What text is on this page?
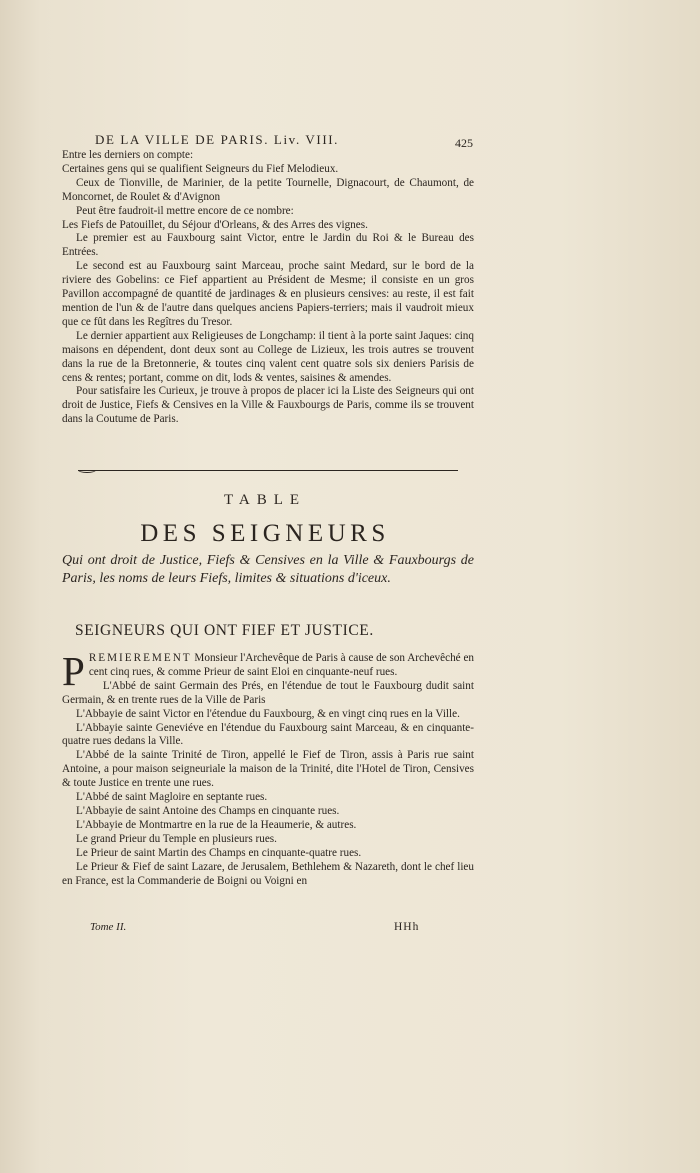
DE LA VILLE DE PARIS. Liv. VIII.	425

Entre les derniers on compte:

Certaines gens qui se qualifient Seigneurs du Fief Melodieux.

Ceux de Tionville, de Marinier, de la petite Tournelle, Dignacourt, de Chaumont, de Moncornet, de Roulet & d'Avignon

Peut être faudroit-il mettre encore de ce nombre:

Les Fiefs de Patouillet, du Séjour d'Orleans, & des Arres des vignes.

Le premier est au Fauxbourg saint Victor, entre le Jardin du Roi & le Bureau des Entrées.

Le second est au Fauxbourg saint Marceau, proche saint Medard, sur le bord de la riviere des Gobelins: ce Fief appartient au Président de Mesme; il consiste en un gros Pavillon accompagné de quantité de jardinages & en plusieurs censives: au reste, il est fait mention de l'un & de l'autre dans quelques anciens Papiers-terriers; mais il vaudroit mieux que ce fût dans les Regîtres du Tresor.

Le dernier appartient aux Religieuses de Longchamp: il tient à la porte saint Jaques: cinq maisons en dépendent, dont deux sont au College de Lizieux, les trois autres se trouvent dans la rue de la Bretonnerie, & toutes cinq valent cent quatre sols six deniers Parisis de cens & rentes; portant, comme on dit, lods & ventes, saisines & amendes.

Pour satisfaire les Curieux, je trouve à propos de placer ici la Liste des Seigneurs qui ont droit de Justice, Fiefs & Censives en la Ville & Fauxbourgs de Paris, comme ils se trouvent dans la Coutume de Paris.

TABLE
DES SEIGNEURS
Qui ont droit de Justice, Fiefs & Censives en la Ville & Fauxbourgs de Paris, les noms de leurs Fiefs, limites & situations d'iceux.
SEIGNEURS QUI ONT FIEF ET JUSTICE.

PREMIEREMENT Monsieur l'Archevêque de Paris à cause de son Archevêché en cent cinq rues, & comme Prieur de saint Eloi en cinquante-neuf rues.

L'Abbé de saint Germain des Prés, en l'étendue de tout le Fauxbourg dudit saint Germain, & en trente rues de la Ville de Paris

L'Abbayie de saint Victor en l'étendue du Fauxbourg, & en vingt cinq rues en la Ville.

L'Abbayie sainte Geneviéve en l'étendue du Fauxbourg saint Marceau, & en cinquante-quatre rues dedans la Ville.

L'Abbé de la sainte Trinité de Tiron, appellé le Fief de Tiron, assis à Paris rue saint Antoine, a pour maison seigneuriale la maison de la Trinité, dite l'Hotel de Tiron, Censives & toute Justice en trente une rues.

L'Abbé de saint Magloire en septante rues.

L'Abbayie de saint Antoine des Champs en cinquante rues.

L'Abbayie de Montmartre en la rue de la Heaumerie, & autres.

Le grand Prieur du Temple en plusieurs rues.

Le Prieur de saint Martin des Champs en cinquante-quatre rues.

Le Prieur & Fief de saint Lazare, de Jerusalem, Bethlehem & Nazareth, dont le chef lieu en France, est la Commanderie de Boigni ou Voigni en

Tome II.	HHh
